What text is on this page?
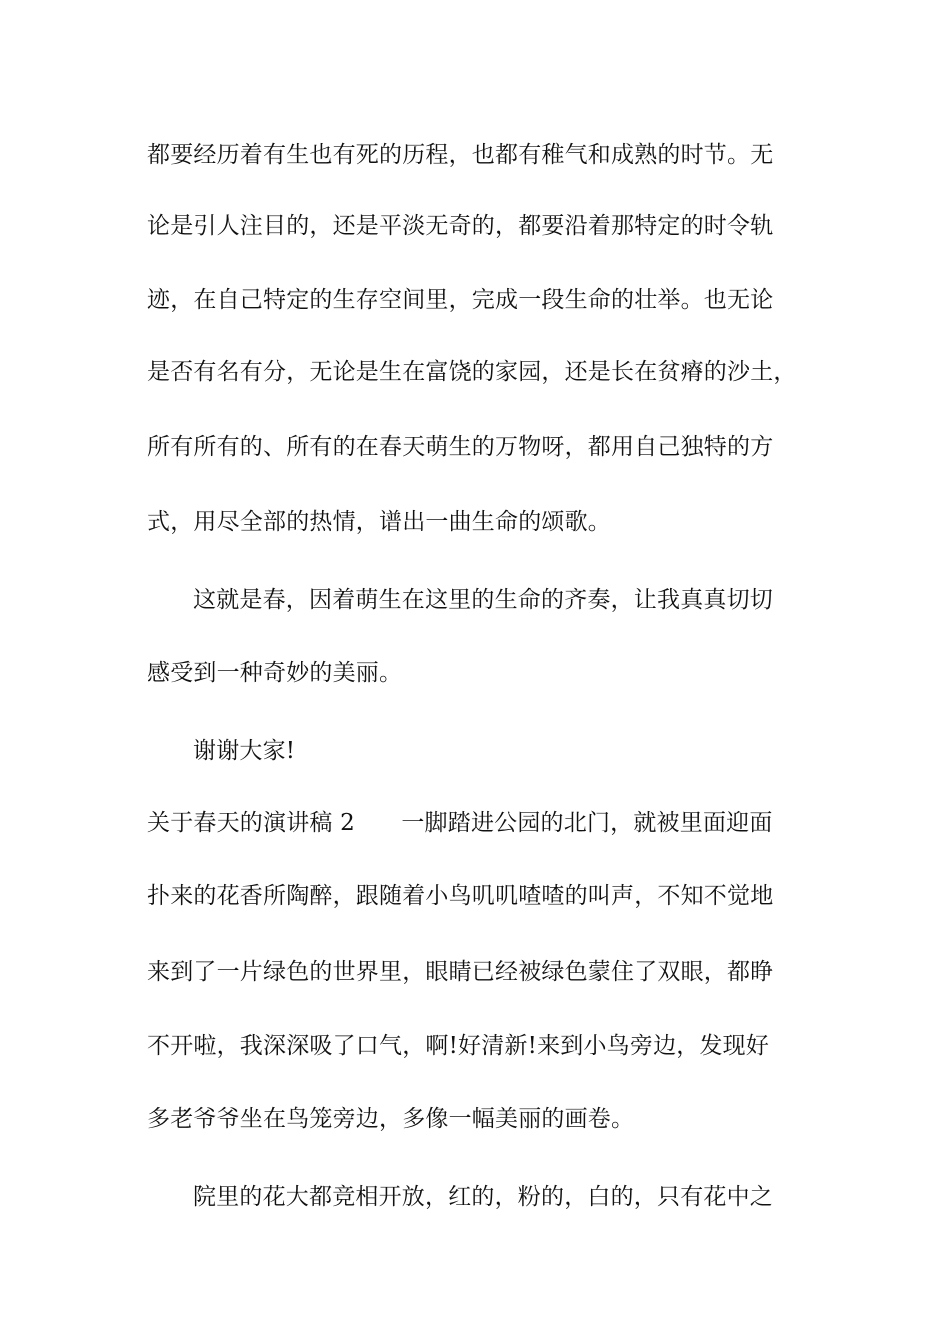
都要经历着有生也有死的历程，也都有稚气和成熟的时节。无
论是引人注目的，还是平淡无奇的，都要沿着那特定的时令轨
迹，在自己特定的生存空间里，完成一段生命的壮举。也无论
是否有名有分，无论是生在富饶的家园，还是长在贫瘠的沙土，
所有所有的、所有的在春天萌生的万物呀，都用自己独特的方
式，用尽全部的热情，谱出一曲生命的颂歌。
这就是春，因着萌生在这里的生命的齐奏，让我真真切切
感受到一种奇妙的美丽。
谢谢大家!
关于春天的演讲稿 2　　一脚踏进公园的北门，就被里面迎面
扑来的花香所陶醉，跟随着小鸟叽叽喳喳的叫声，不知不觉地
来到了一片绿色的世界里，眼睛已经被绿色蒙住了双眼，都睁
不开啦，我深深吸了口气，啊!好清新!来到小鸟旁边，发现好
多老爷爷坐在鸟笼旁边，多像一幅美丽的画卷。
院里的花大都竞相开放，红的，粉的，白的，只有花中之
